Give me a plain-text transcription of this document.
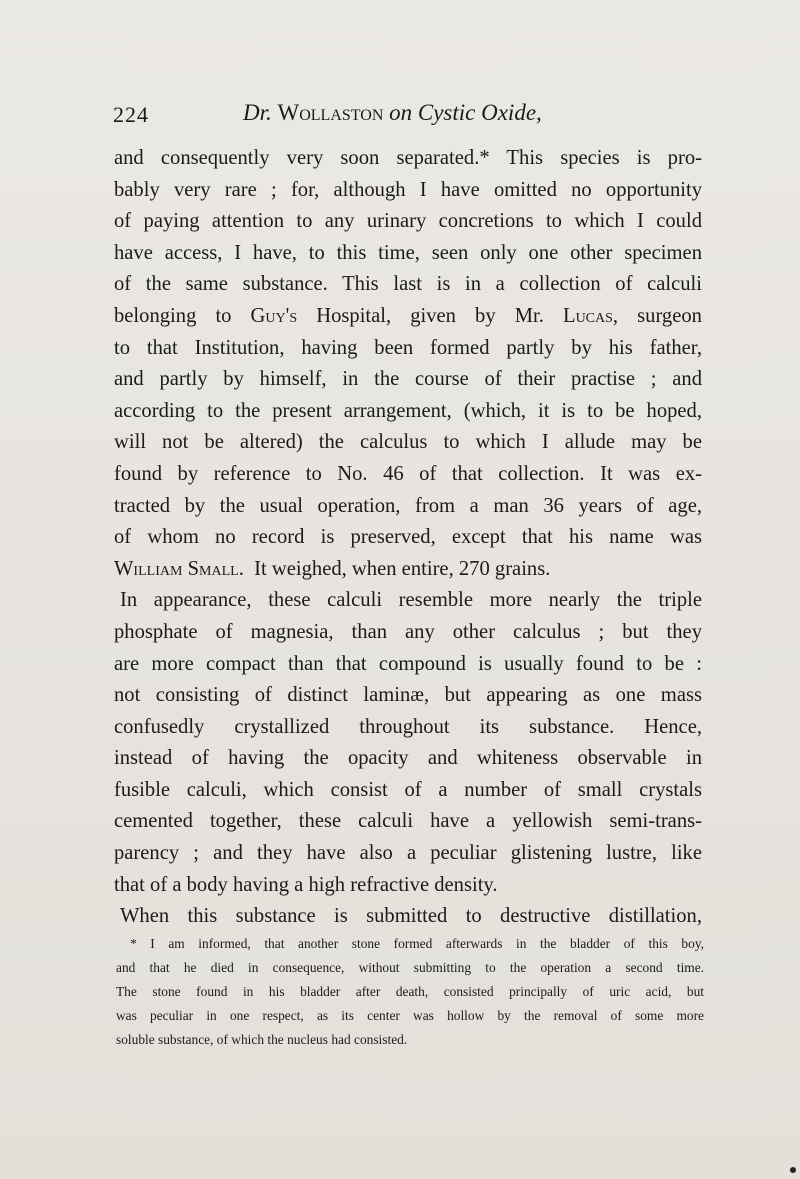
224	Dr. Wollaston on Cystic Oxide,
and consequently very soon separated.* This species is pro-
bably very rare ; for, although I have omitted no opportunity
of paying attention to any urinary concretions to which I could
have access, I have, to this time, seen only one other specimen
of the same substance. This last is in a collection of calculi
belonging to Guy's Hospital, given by Mr. Lucas, surgeon
to that Institution, having been formed partly by his father,
and partly by himself, in the course of their practise ; and
according to the present arrangement, (which, it is to be hoped,
will not be altered) the calculus to which I allude may be
found by reference to No. 46 of that collection. It was ex-
tracted by the usual operation, from a man 36 years of age,
of whom no record is preserved, except that his name was
William Small. It weighed, when entire, 270 grains.
In appearance, these calculi resemble more nearly the triple
phosphate of magnesia, than any other calculus ; but they
are more compact than that compound is usually found to be :
not consisting of distinct laminæ, but appearing as one mass
confusedly crystallized throughout its substance. Hence,
instead of having the opacity and whiteness observable in
fusible calculi, which consist of a number of small crystals
cemented together, these calculi have a yellowish semi-trans-
parency ; and they have also a peculiar glistening lustre, like
that of a body having a high refractive density.
When this substance is submitted to destructive distillation,
* I am informed, that another stone formed afterwards in the bladder of this boy,
and that he died in consequence, without submitting to the operation a second time.
The stone found in his bladder after death, consisted principally of uric acid, but
was peculiar in one respect, as its center was hollow by the removal of some more
soluble substance, of which the nucleus had consisted.
